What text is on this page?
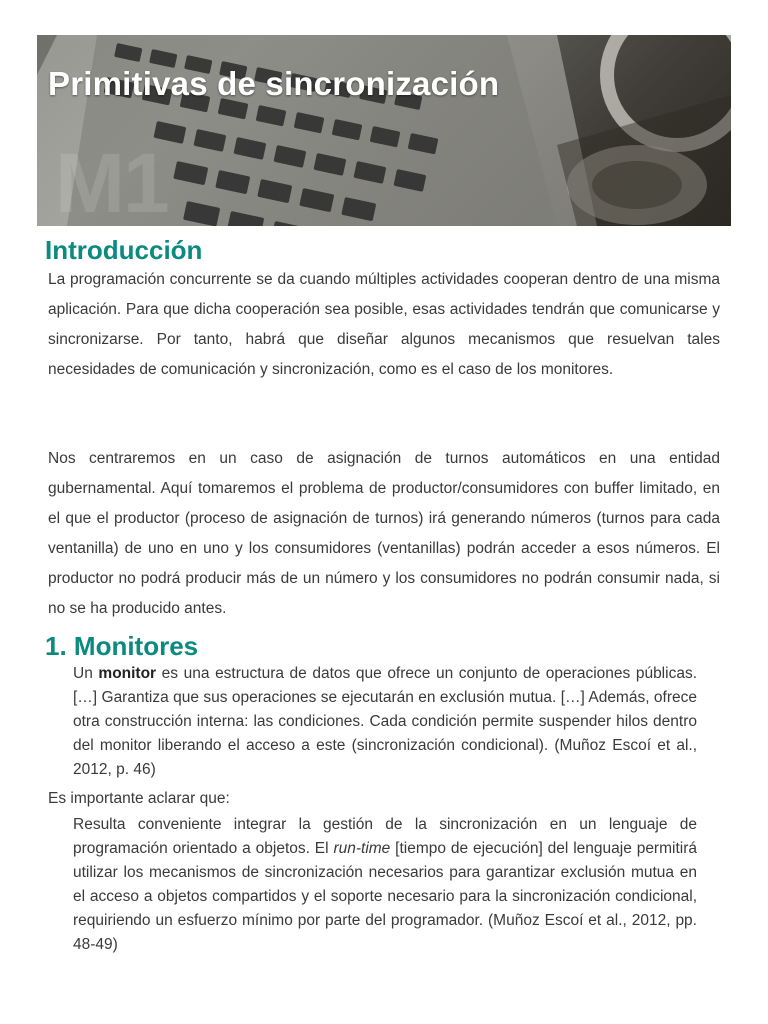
M1
Primitivas de sincronización
Introducción

La programación concurrente se da cuando múltiples actividades cooperan dentro de una misma aplicación. Para que dicha cooperación sea posible, esas actividades tendrán que comunicarse y sincronizarse. Por tanto, habrá que diseñar algunos mecanismos que resuelvan tales necesidades de comunicación y sincronización, como es el caso de los monitores.

Nos centraremos en un caso de asignación de turnos automáticos en una entidad gubernamental. Aquí tomaremos el problema de productor/consumidores con buffer limitado, en el que el productor (proceso de asignación de turnos) irá generando números (turnos para cada ventanilla) de uno en uno y los consumidores (ventanillas) podrán acceder a esos números. El productor no podrá producir más de un número y los consumidores no podrán consumir nada, si no se ha producido antes.

1. Monitores

Un monitor es una estructura de datos que ofrece un conjunto de operaciones públicas. […] Garantiza que sus operaciones se ejecutarán en exclusión mutua. […] Además, ofrece otra construcción interna: las condiciones. Cada condición permite suspender hilos dentro del monitor liberando el acceso a este (sincronización condicional). (Muñoz Escoí et al., 2012, p. 46)

Es importante aclarar que:

Resulta conveniente integrar la gestión de la sincronización en un lenguaje de programación orientado a objetos. El run-time [tiempo de ejecución] del lenguaje permitirá utilizar los mecanismos de sincronización necesarios para garantizar exclusión mutua en el acceso a objetos compartidos y el soporte necesario para la sincronización condicional, requiriendo un esfuerzo mínimo por parte del programador. (Muñoz Escoí et al., 2012, pp. 48-49)
